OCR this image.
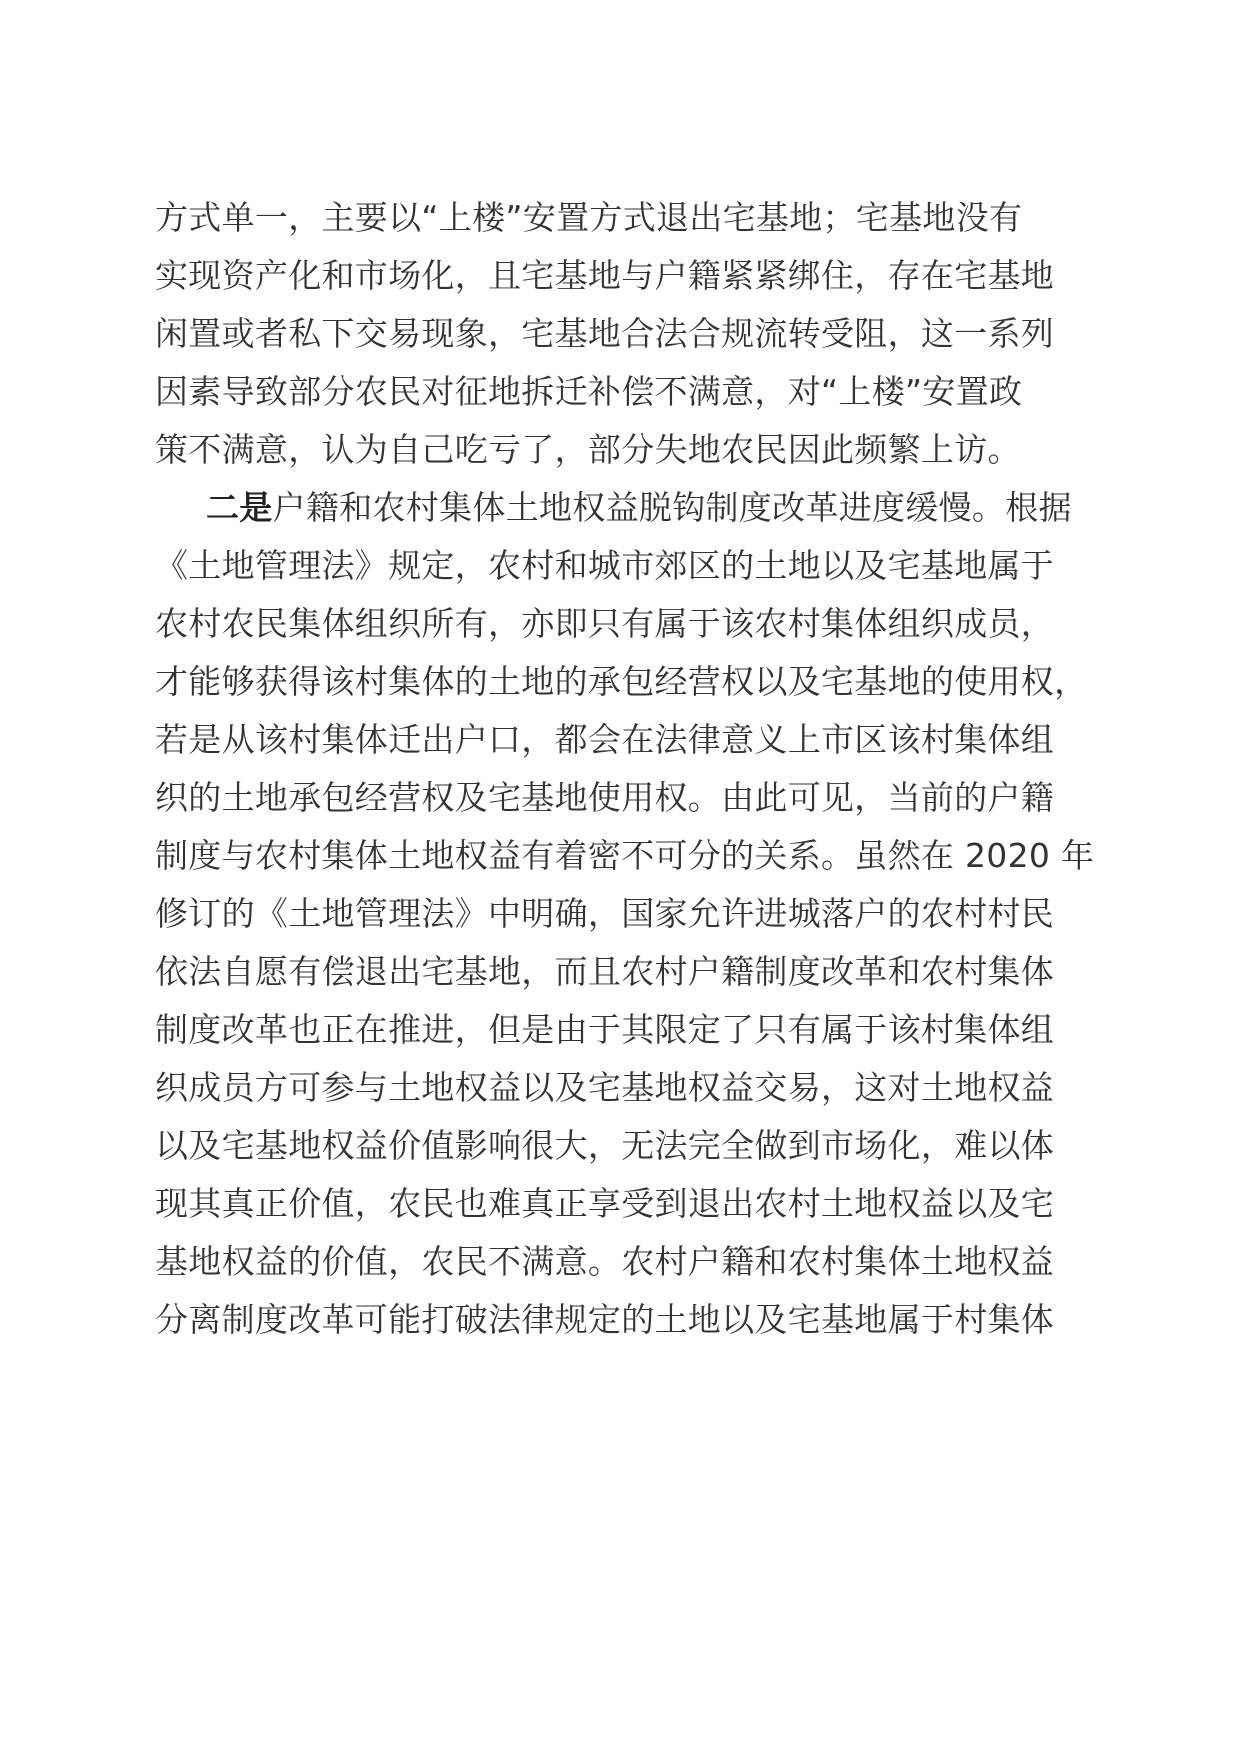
方式单一，主要以“上楼”安置方式退出宅基地；宅基地没有
实现资产化和市场化，且宅基地与户籍紧紧绑住，存在宅基地
闲置或者私下交易现象，宅基地合法合规流转受阻，这一系列
因素导致部分农民对征地拆迁补偿不满意，对“上楼”安置政
策不满意，认为自己吃亏了，部分失地农民因此频繁上访。
二是户籍和农村集体土地权益脱钩制度改革进度缓慢。根据
《土地管理法》规定，农村和城市郊区的土地以及宅基地属于
农村农民集体组织所有，亦即只有属于该农村集体组织成员，
才能够获得该村集体的土地的承包经营权以及宅基地的使用权，
若是从该村集体迁出户口，都会在法律意义上市区该村集体组
织的土地承包经营权及宅基地使用权。由此可见，当前的户籍
制度与农村集体土地权益有着密不可分的关系。虽然在 2020 年
修订的《土地管理法》中明确，国家允许进城落户的农村村民
依法自愿有偿退出宅基地，而且农村户籍制度改革和农村集体
制度改革也正在推进，但是由于其限定了只有属于该村集体组
织成员方可参与土地权益以及宅基地权益交易，这对土地权益
以及宅基地权益价值影响很大，无法完全做到市场化，难以体
现其真正价值，农民也难真正享受到退出农村土地权益以及宅
基地权益的价值，农民不满意。农村户籍和农村集体土地权益
分离制度改革可能打破法律规定的土地以及宅基地属于村集体
